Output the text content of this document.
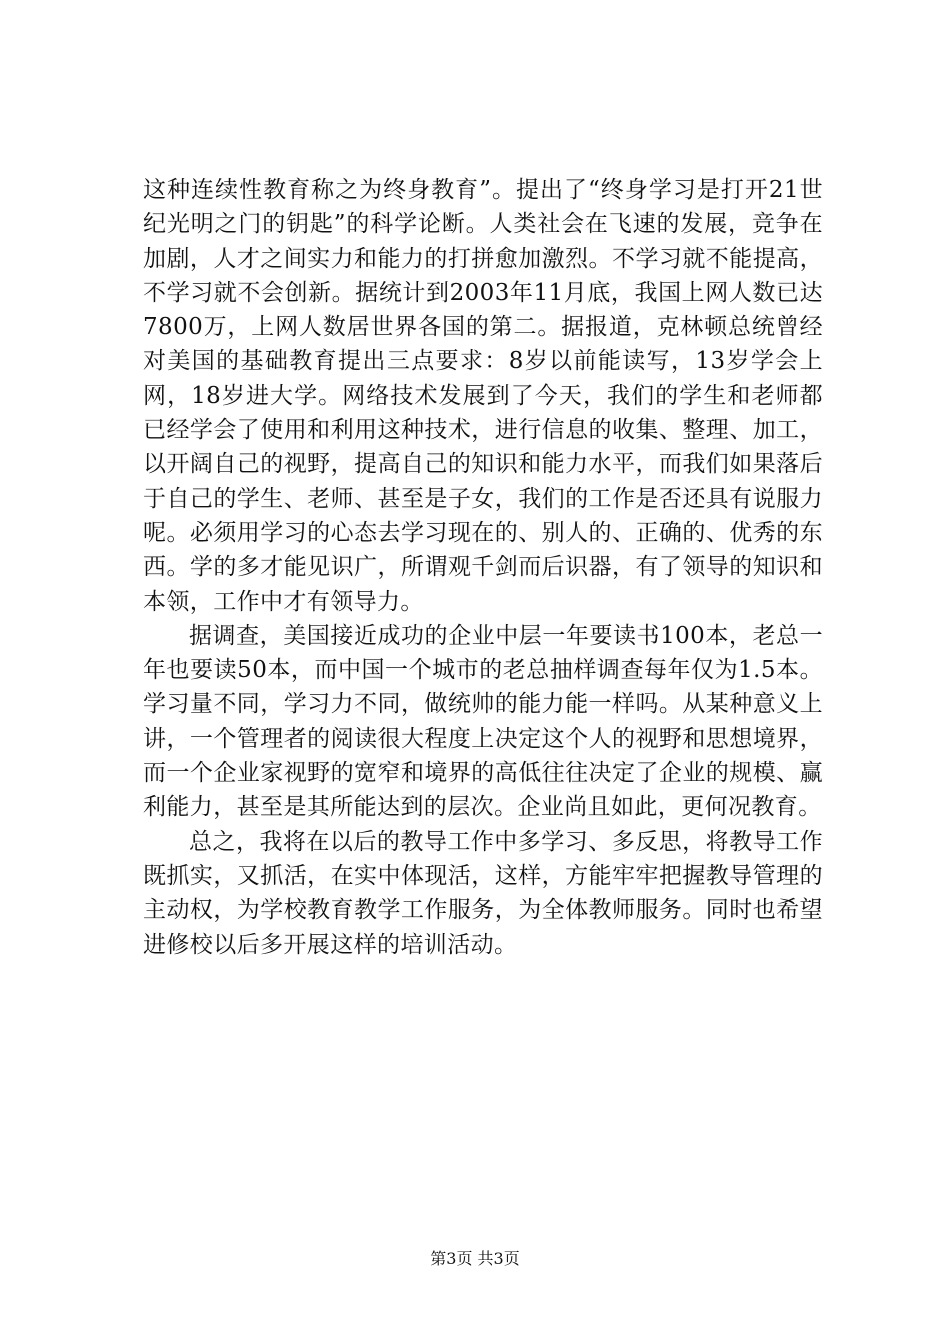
这种连续性教育称之为终身教育”。提出了“终身学习是打开21世纪光明之门的钥匙”的科学论断。人类社会在飞速的发展，竞争在加剧，人才之间实力和能力的打拼愈加激烈。不学习就不能提高，不学习就不会创新。据统计到2003年11月底，我国上网人数已达7800万，上网人数居世界各国的第二。据报道，克林顿总统曾经对美国的基础教育提出三点要求：8岁以前能读写，13岁学会上网，18岁进大学。网络技术发展到了今天，我们的学生和老师都已经学会了使用和利用这种技术，进行信息的收集、整理、加工，以开阔自己的视野，提高自己的知识和能力水平，而我们如果落后于自己的学生、老师、甚至是子女，我们的工作是否还具有说服力呢。必须用学习的心态去学习现在的、别人的、正确的、优秀的东西。学的多才能见识广，所谓观千剑而后识器，有了领导的知识和本领，工作中才有领导力。

据调查，美国接近成功的企业中层一年要读书100本，老总一年也要读50本，而中国一个城市的老总抽样调查每年仅为1.5本。学习量不同，学习力不同，做统帅的能力能一样吗。从某种意义上讲，一个管理者的阅读很大程度上决定这个人的视野和思想境界，而一个企业家视野的宽窄和境界的高低往往决定了企业的规模、赢利能力，甚至是其所能达到的层次。企业尚且如此，更何况教育。

总之，我将在以后的教导工作中多学习、多反思，将教导工作既抓实，又抓活，在实中体现活，这样，方能牢牢把握教导管理的主动权，为学校教育教学工作服务，为全体教师服务。同时也希望进修校以后多开展这样的培训活动。

第3页 共3页
